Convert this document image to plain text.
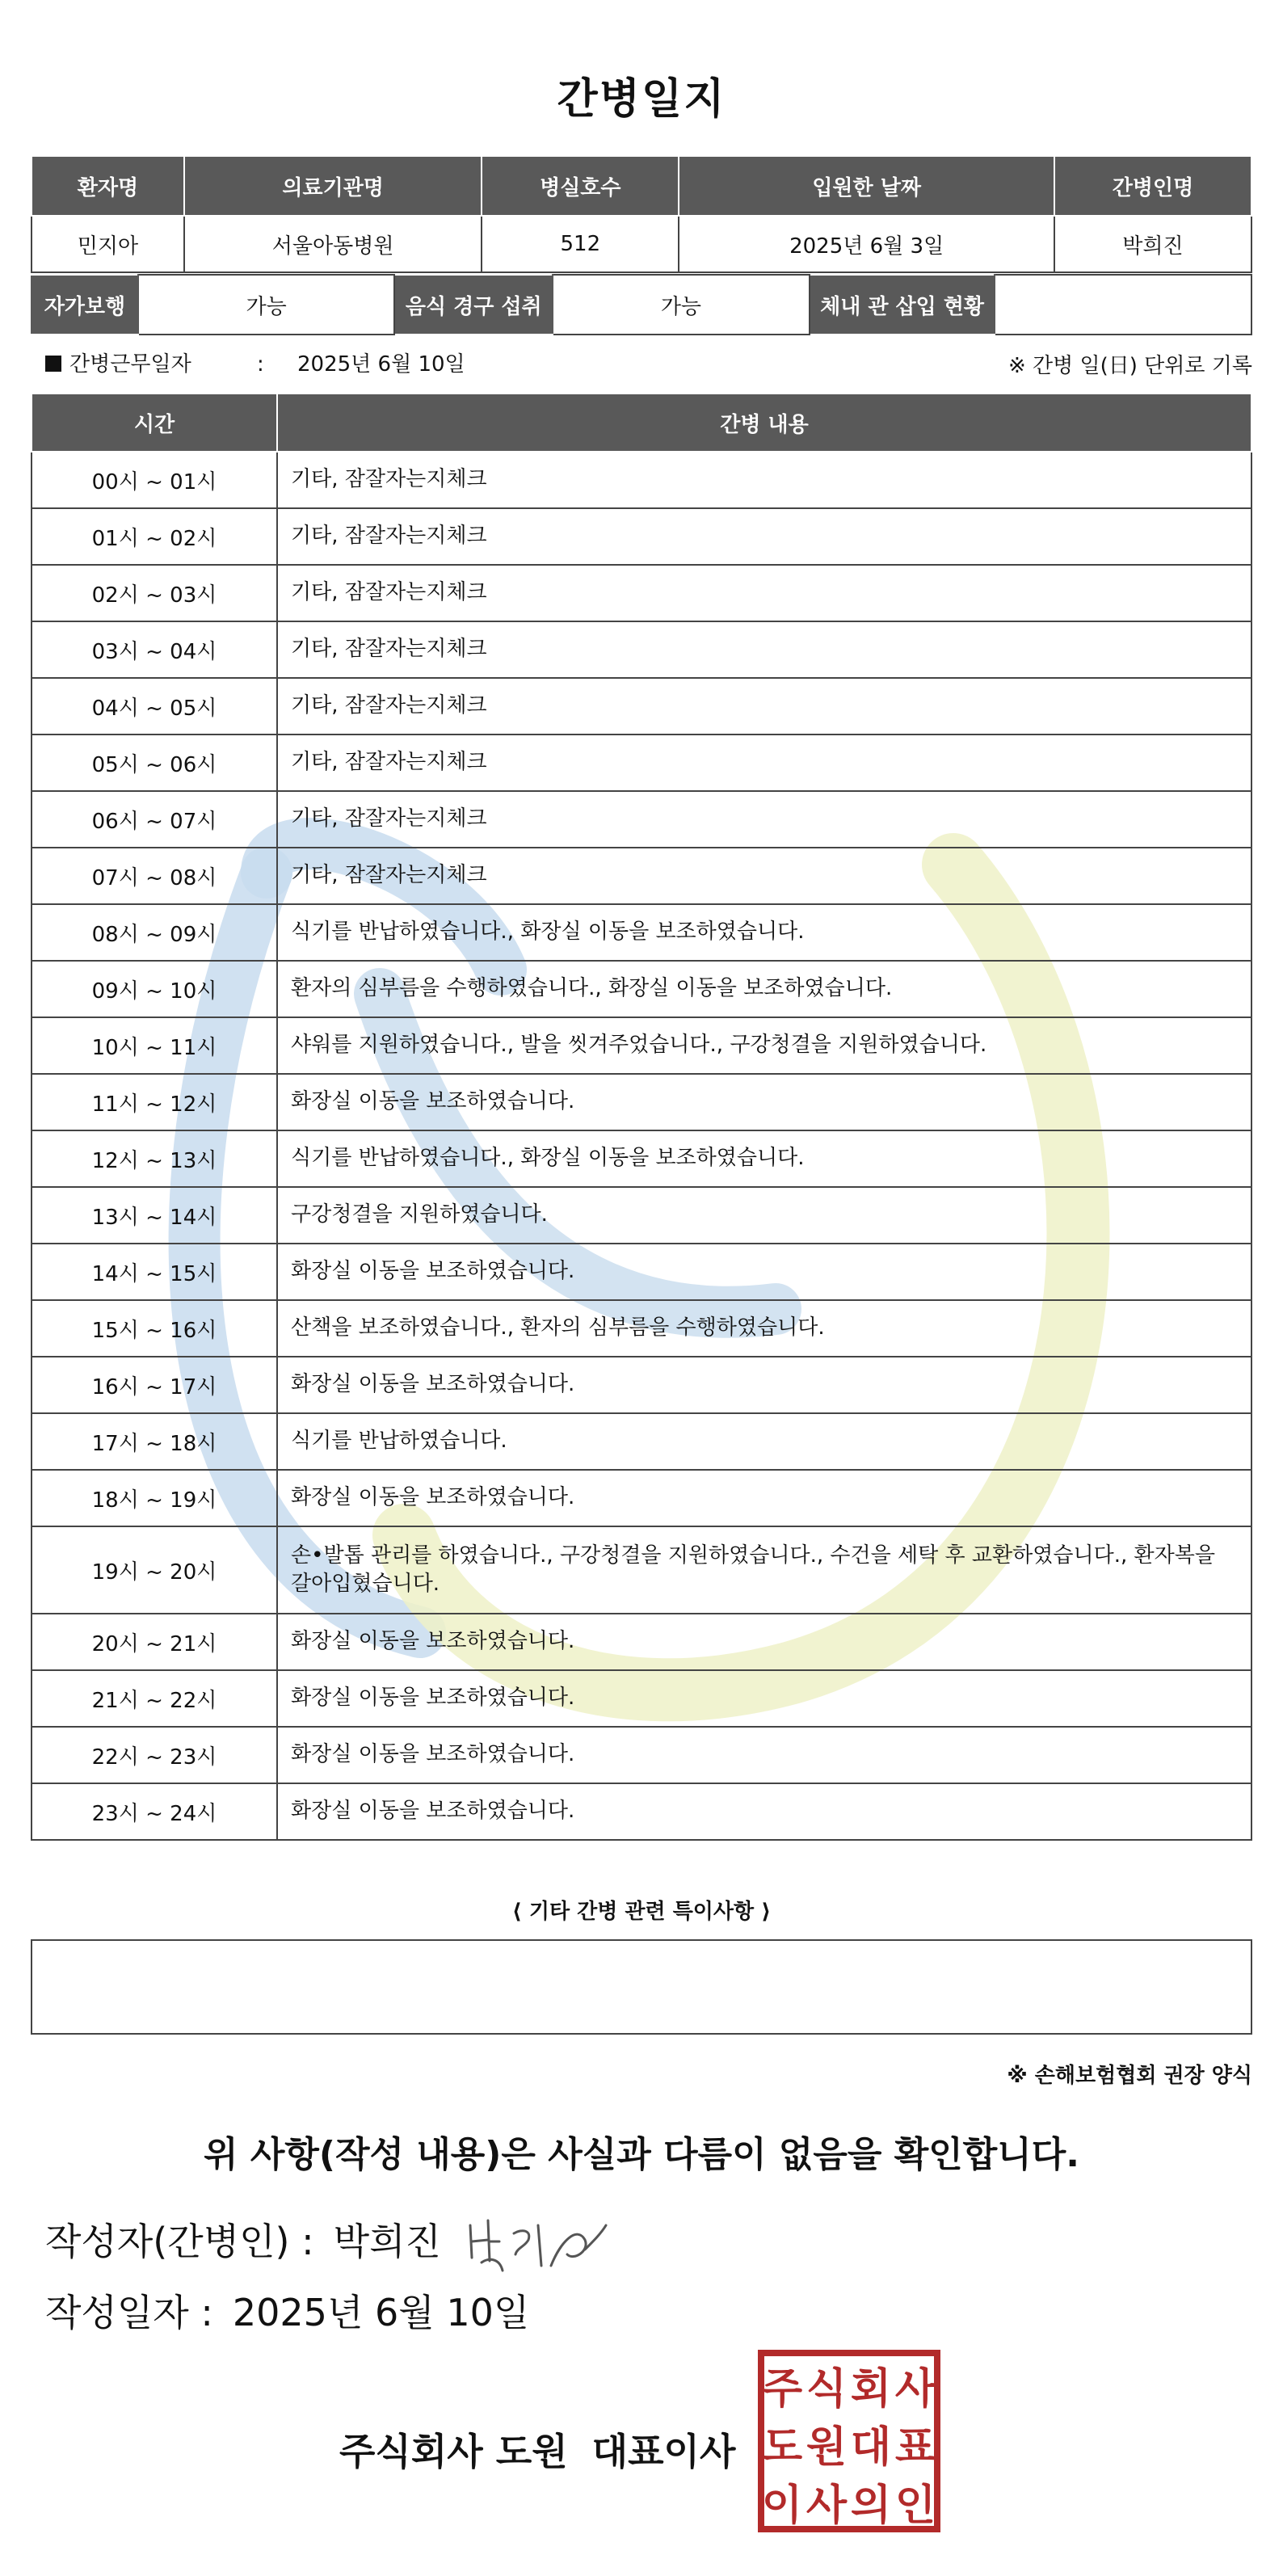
간병일지
환자명	의료기관명	병실호수	입원한 날짜	간병인명
민지아	서울아동병원	512	2025년 6월 3일	박희진
자가보행	가능	음식 경구 섭취	가능	체내 관 삽입 현황	
간병근무일자	: 2025년 6월 10일	※ 간병 일(日) 단위로 기록
시간	간병 내용
00시 ~ 01시	기타, 잠잘자는지체크
01시 ~ 02시	기타, 잠잘자는지체크
02시 ~ 03시	기타, 잠잘자는지체크
03시 ~ 04시	기타, 잠잘자는지체크
04시 ~ 05시	기타, 잠잘자는지체크
05시 ~ 06시	기타, 잠잘자는지체크
06시 ~ 07시	기타, 잠잘자는지체크
07시 ~ 08시	기타, 잠잘자는지체크
08시 ~ 09시	식기를 반납하였습니다., 화장실 이동을 보조하였습니다.
09시 ~ 10시	환자의 심부름을 수행하였습니다., 화장실 이동을 보조하였습니다.
10시 ~ 11시	샤워를 지원하였습니다., 발을 씻겨주었습니다., 구강청결을 지원하였습니다.
11시 ~ 12시	화장실 이동을 보조하였습니다.
12시 ~ 13시	식기를 반납하였습니다., 화장실 이동을 보조하였습니다.
13시 ~ 14시	구강청결을 지원하였습니다.
14시 ~ 15시	화장실 이동을 보조하였습니다.
15시 ~ 16시	산책을 보조하였습니다., 환자의 심부름을 수행하였습니다.
16시 ~ 17시	화장실 이동을 보조하였습니다.
17시 ~ 18시	식기를 반납하였습니다.
18시 ~ 19시	화장실 이동을 보조하였습니다.
19시 ~ 20시	손•발톱 관리를 하였습니다., 구강청결을 지원하였습니다., 수건을 세탁 후 교환하였습니다., 환자복을 갈아입혔습니다.
20시 ~ 21시	화장실 이동을 보조하였습니다.
21시 ~ 22시	화장실 이동을 보조하였습니다.
22시 ~ 23시	화장실 이동을 보조하였습니다.
23시 ~ 24시	화장실 이동을 보조하였습니다.
⟨ 기타 간병 관련 특이사항 ⟩
※ 손해보험협회 권장 양식
위 사항(작성 내용)은 사실과 다름이 없음을 확인합니다.
작성자(간병인) : 박희진
작성일자 : 2025년 6월 10일
주식회사 도원 대표이사
주 식 회 사
도 원 대 표
이 사 의 인
